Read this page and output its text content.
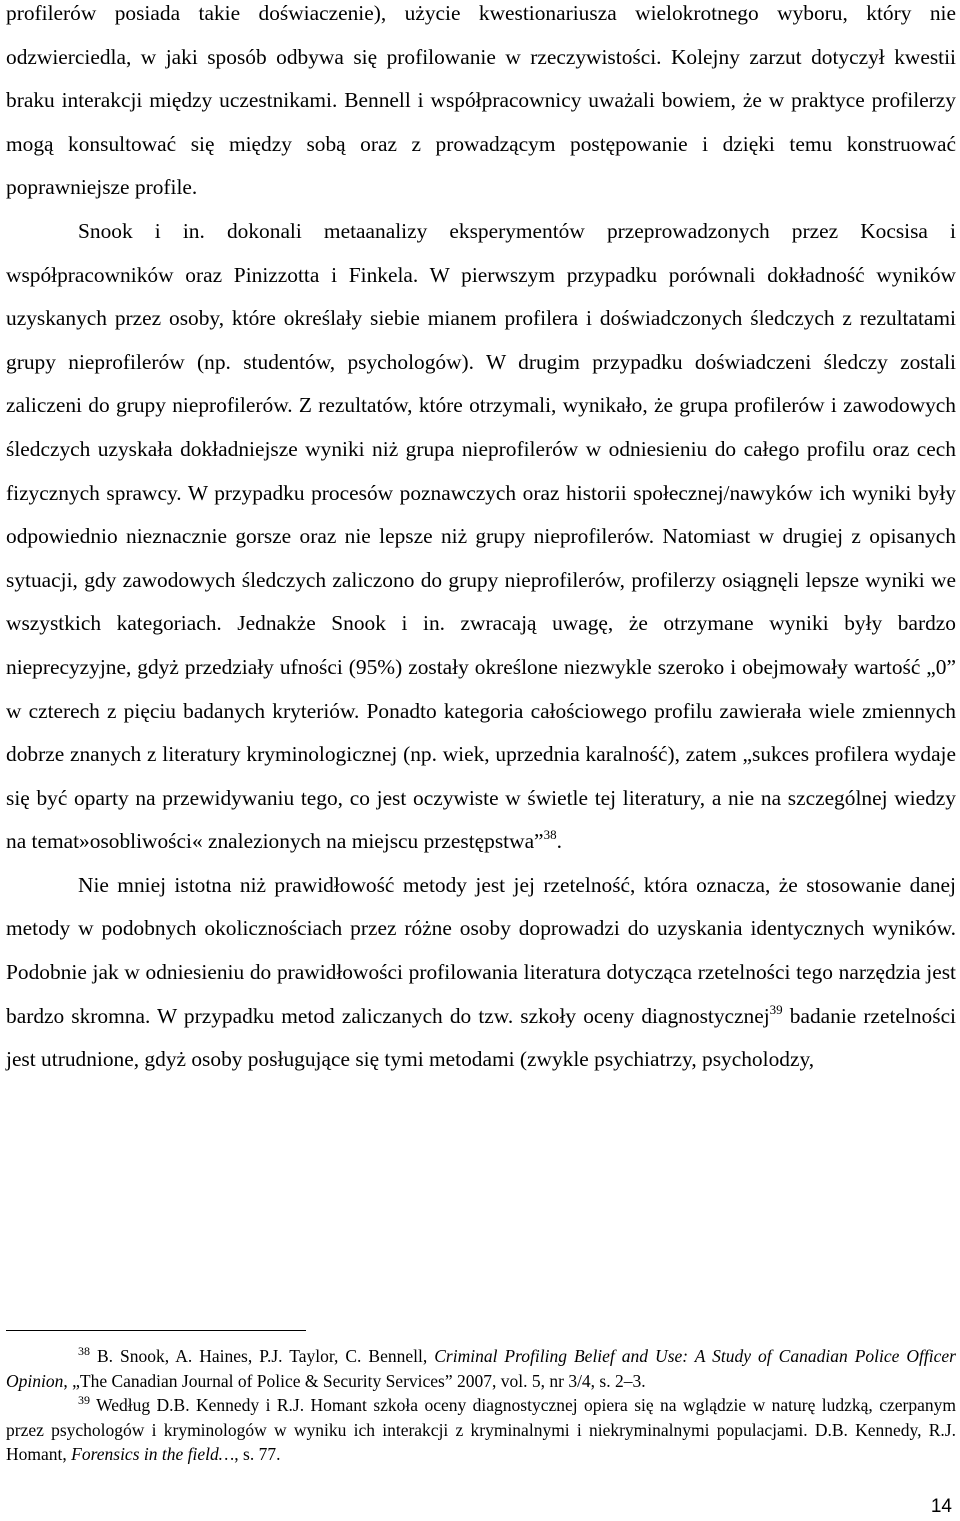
profilerów posiada takie doświaczenie), użycie kwestionariusza wielokrotnego wyboru, który nie odzwierciedla, w jaki sposób odbywa się profilowanie w rzeczywistości. Kolejny zarzut dotyczył kwestii braku interakcji między uczestnikami. Bennell i współpracownicy uważali bowiem, że w praktyce profilerzy mogą konsultować się między sobą oraz z prowadzącym postępowanie i dzięki temu konstruować poprawniejsze profile.

Snook i in. dokonali metaanalizy eksperymentów przeprowadzonych przez Kocsisa i współpracowników oraz Pinizzotta i Finkela. W pierwszym przypadku porównali dokładność wyników uzyskanych przez osoby, które określały siebie mianem profilera i doświadczonych śledczych z rezultatami grupy nieprofilerów (np. studentów, psychologów). W drugim przypadku doświadczeni śledczy zostali zaliczeni do grupy nieprofilerów. Z rezultatów, które otrzymali, wynikało, że grupa profilerów i zawodowych śledczych uzyskała dokładniejsze wyniki niż grupa nieprofilerów w odniesieniu do całego profilu oraz cech fizycznych sprawcy. W przypadku procesów poznawczych oraz historii społecznej/nawyków ich wyniki były odpowiednio nieznacznie gorsze oraz nie lepsze niż grupy nieprofilerów. Natomiast w drugiej z opisanych sytuacji, gdy zawodowych śledczych zaliczono do grupy nieprofilerów, profilerzy osiągnęli lepsze wyniki we wszystkich kategoriach. Jednakże Snook i in. zwracają uwagę, że otrzymane wyniki były bardzo nieprecyzyjne, gdyż przedziały ufności (95%) zostały określone niezwykle szeroko i obejmowały wartość „0” w czterech z pięciu badanych kryteriów. Ponadto kategoria całościowego profilu zawierała wiele zmiennych dobrze znanych z literatury kryminologicznej (np. wiek, uprzednia karalność), zatem „sukces profilera wydaje się być oparty na przewidywaniu tego, co jest oczywiste w świetle tej literatury, a nie na szczególnej wiedzy na temat»osobliwości« znalezionych na miejscu przestępstwa”$^{38}$.

Nie mniej istotna niż prawidłowość metody jest jej rzetelność, która oznacza, że stosowanie danej metody w podobnych okolicznościach przez różne osoby doprowadzi do uzyskania identycznych wyników. Podobnie jak w odniesieniu do prawidłowości profilowania literatura dotycząca rzetelności tego narzędzia jest bardzo skromna. W przypadku metod zaliczanych do tzw. szkoły oceny diagnostycznej$^{39}$ badanie rzetelności jest utrudnione, gdyż osoby posługujące się tymi metodami (zwykle psychiatrzy, psycholodzy,

$^{38}$ B. Snook, A. Haines, P.J. Taylor, C. Bennell, Criminal Profiling Belief and Use: A Study of Canadian Police Officer Opinion, „The Canadian Journal of Police & Security Services” 2007, vol. 5, nr 3/4, s. 2–3.

$^{39}$ Według D.B. Kennedy i R.J. Homant szkoła oceny diagnostycznej opiera się na wglądzie w naturę ludzką, czerpanym przez psychologów i kryminologów w wyniku ich interakcji z kryminalnymi i niekryminalnymi populacjami. D.B. Kennedy, R.J. Homant, Forensics in the field…, s. 77.

14
